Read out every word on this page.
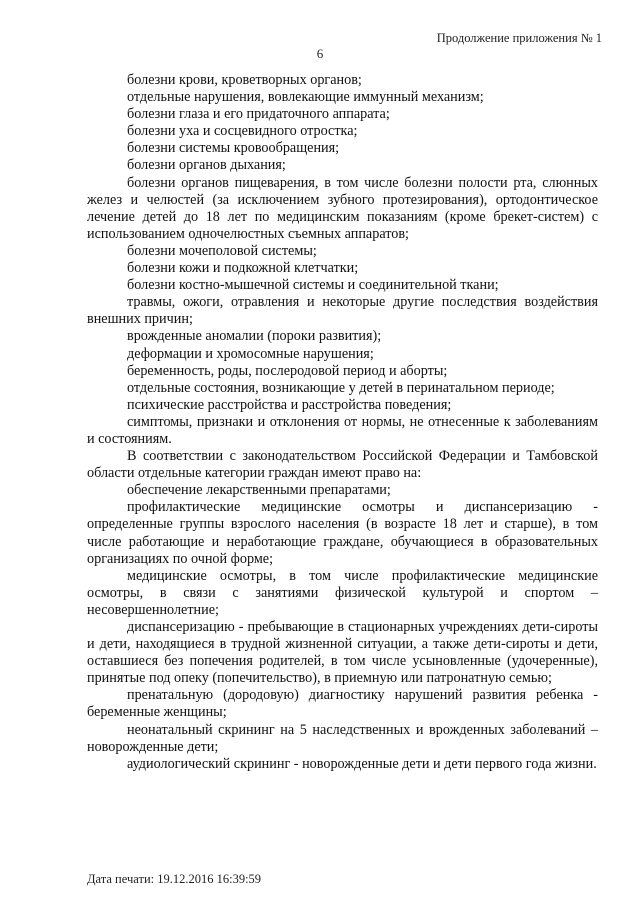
Продолжение приложения № 1
6

болезни крови, кроветворных органов;

отдельные нарушения, вовлекающие иммунный механизм;

болезни глаза и его придаточного аппарата;

болезни уха и сосцевидного отростка;

болезни системы кровообращения;

болезни органов дыхания;

болезни органов пищеварения, в том числе болезни полости рта, слюнных желез и челюстей (за исключением зубного протезирования), ортодонтическое лечение детей до 18 лет по медицинским показаниям (кроме брекет-систем) с использованием одночелюстных съемных аппаратов;

болезни мочеполовой системы;

болезни кожи и подкожной клетчатки;

болезни костно-мышечной системы и соединительной ткани;

травмы, ожоги, отравления и некоторые другие последствия воздействия внешних причин;

врожденные аномалии (пороки развития);

деформации и хромосомные нарушения;

беременность, роды, послеродовой период и аборты;

отдельные состояния, возникающие у детей в перинатальном периоде;

психические расстройства и расстройства поведения;

симптомы, признаки и отклонения от нормы, не отнесенные к заболеваниям и состояниям.

В соответствии с законодательством Российской Федерации и Тамбовской области отдельные категории граждан имеют право на:

обеспечение лекарственными препаратами;

профилактические медицинские осмотры и диспансеризацию - определенные группы взрослого населения (в возрасте 18 лет и старше), в том числе работающие и неработающие граждане, обучающиеся в образовательных организациях по очной форме;

медицинские осмотры, в том числе профилактические медицинские осмотры, в связи с занятиями физической культурой и спортом – несовершеннолетние;

диспансеризацию - пребывающие в стационарных учреждениях дети-сироты и дети, находящиеся в трудной жизненной ситуации, а также дети-сироты и дети, оставшиеся без попечения родителей, в том числе усыновленные (удочеренные), принятые под опеку (попечительство), в приемную или патронатную семью;

пренатальную (дородовую) диагностику нарушений развития ребенка - беременные женщины;

неонатальный скрининг на 5 наследственных и врожденных заболеваний – новорожденные дети;

аудиологический скрининг - новорожденные дети и дети первого года жизни.

Дата печати: 19.12.2016 16:39:59
